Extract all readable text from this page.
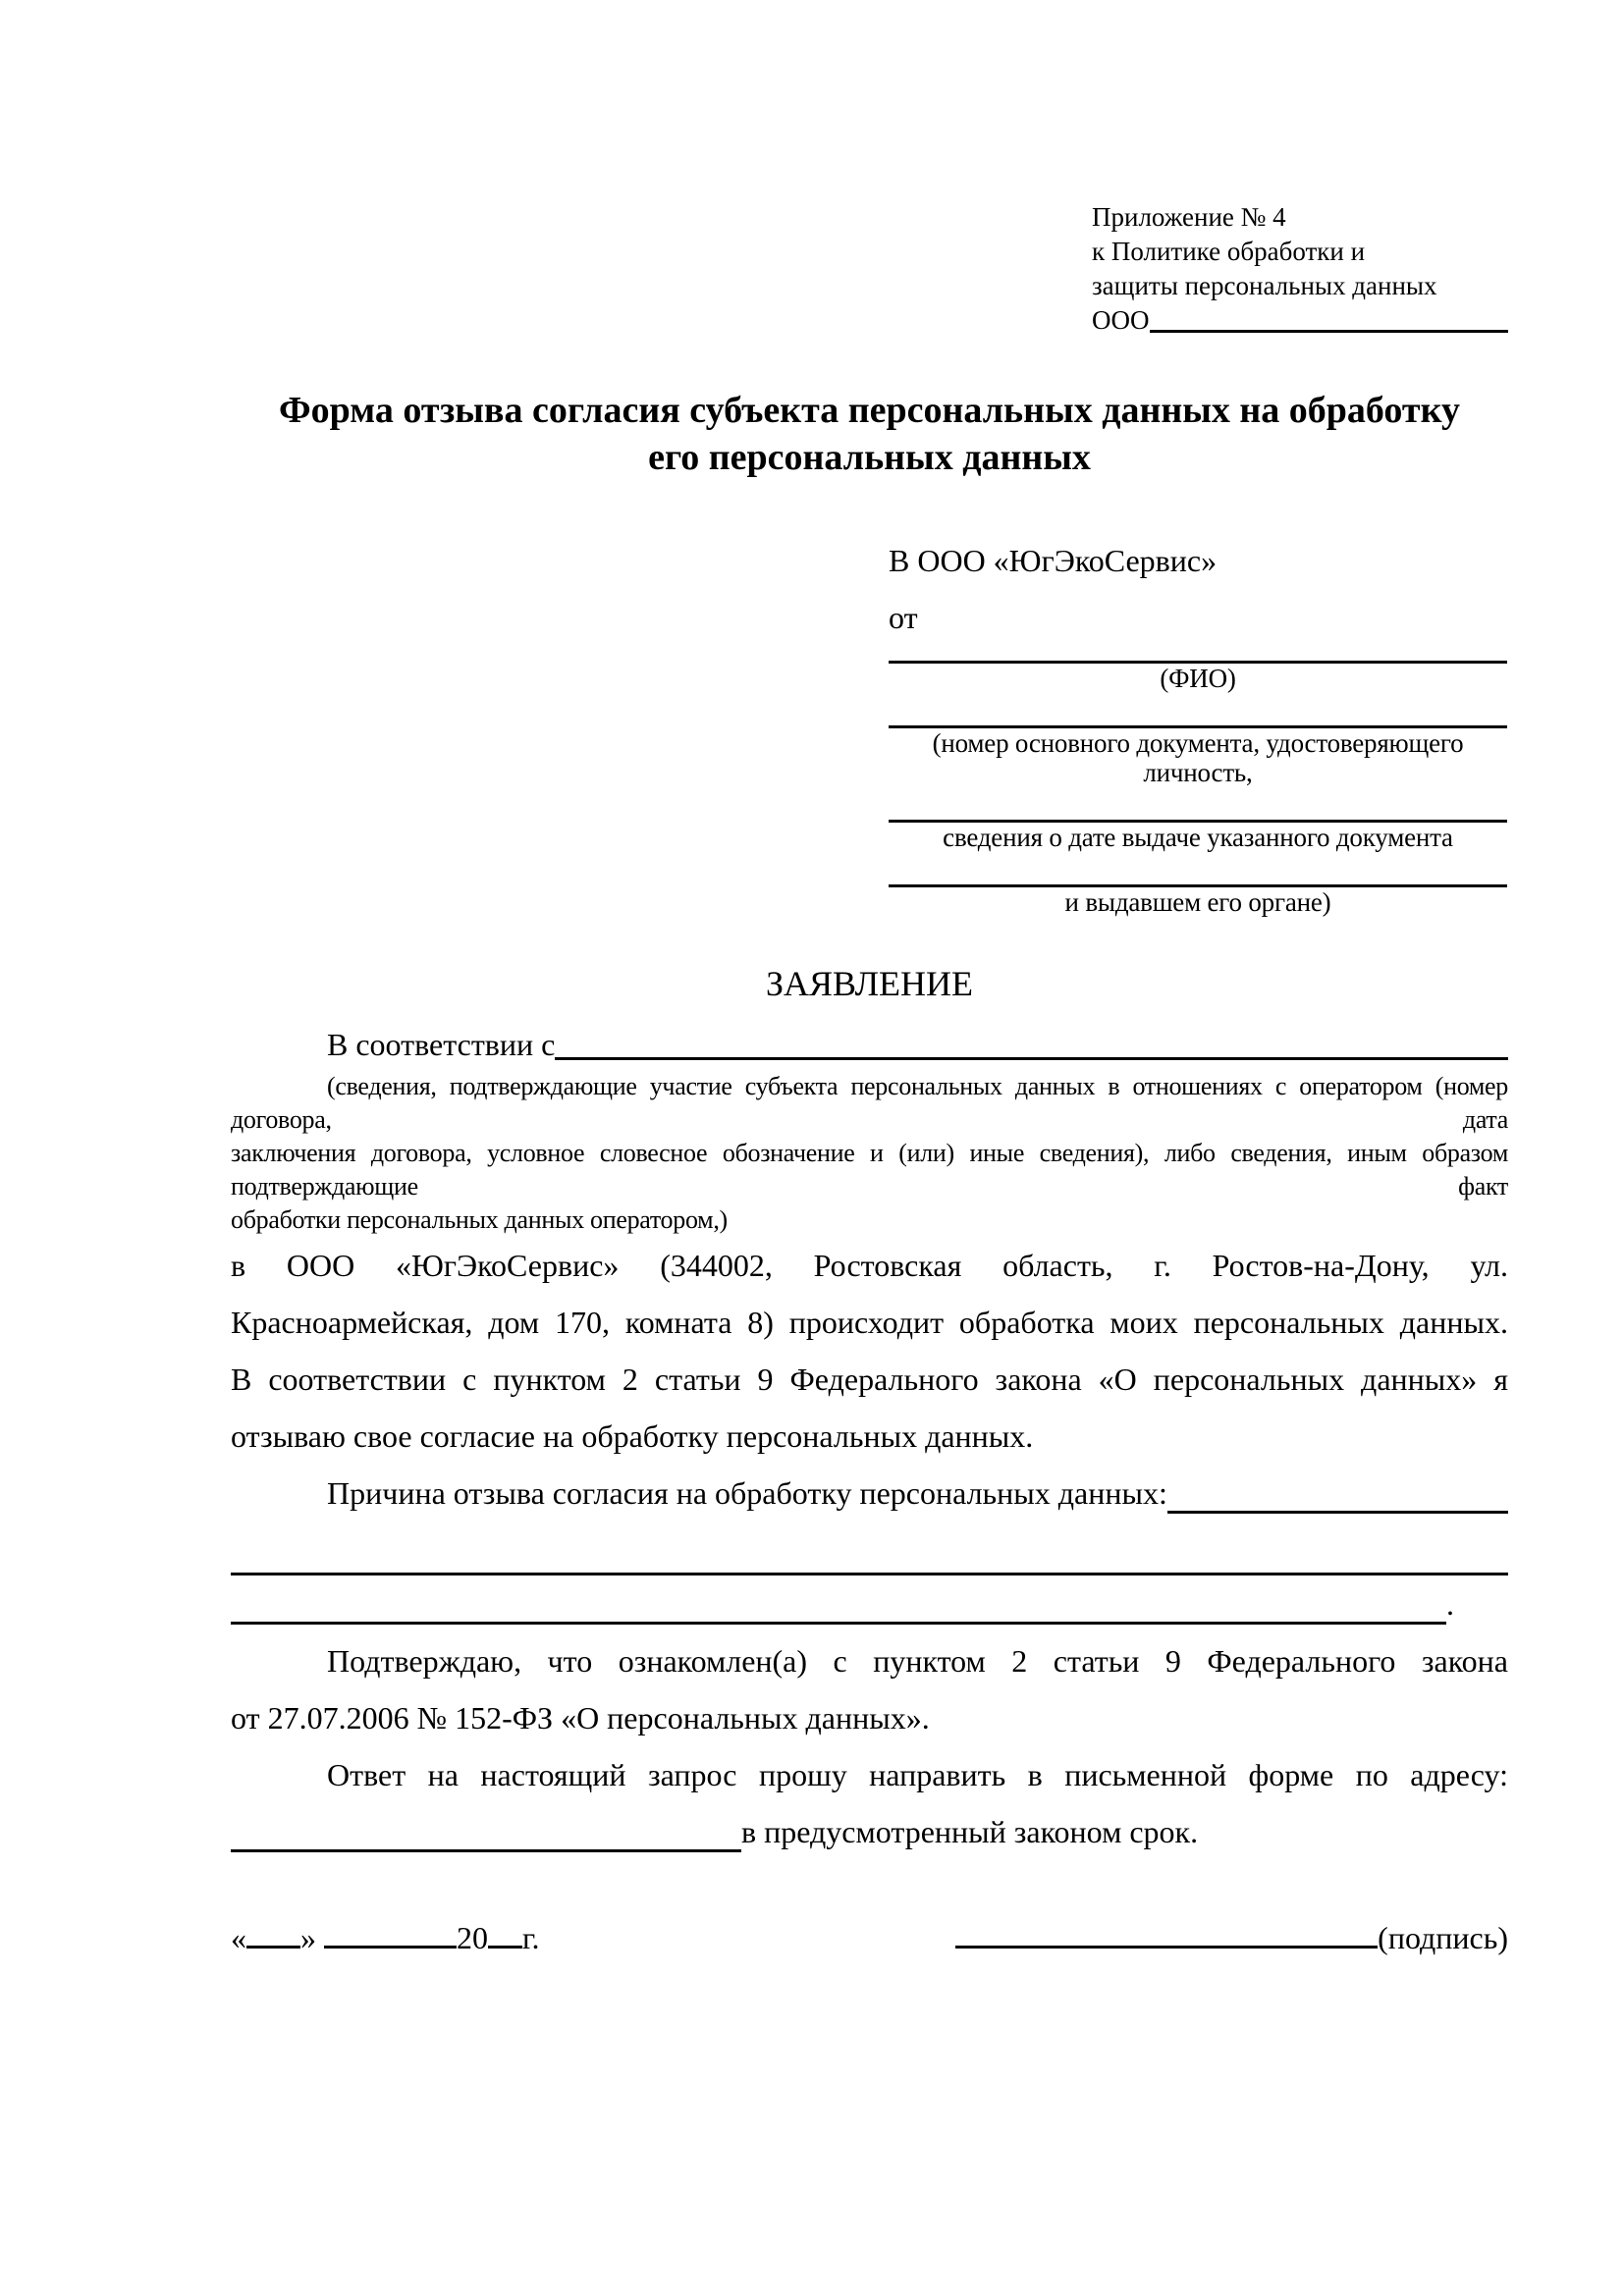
Приложение № 4
к Политике обработки и
защиты персональных данных
ООО
Форма отзыва согласия субъекта персональных данных на обработку
его персональных данных
В ООО «ЮгЭкоСервис»
от
(ФИО)
(номер основного документа, удостоверяющего личность,
сведения о дате выдаче указанного документа
и выдавшем его органе)
ЗАЯВЛЕНИЕ
В соответствии с
(сведения, подтверждающие участие субъекта персональных данных в отношениях с оператором (номер договора, дата
заключения договора, условное словесное обозначение и (или) иные сведения), либо сведения, иным образом подтверждающие факт
обработки персональных данных оператором,)
в ООО «ЮгЭкоСервис» (344002, Ростовская область, г. Ростов-на-Дону, ул.
Красноармейская, дом 170, комната 8) происходит обработка моих персональных данных.
В соответствии с пунктом 2 статьи 9 Федерального закона «О персональных данных» я
отзываю свое согласие на обработку персональных данных.
Причина отзыва согласия на обработку персональных данных:
.
Подтверждаю, что ознакомлен(а) с пунктом 2 статьи 9 Федерального закона
от 27.07.2006 № 152-ФЗ «О персональных данных».
Ответ на настоящий запрос прошу направить в письменной форме по адресу:
в предусмотренный законом срок.
« »	20 г.	(подпись)
